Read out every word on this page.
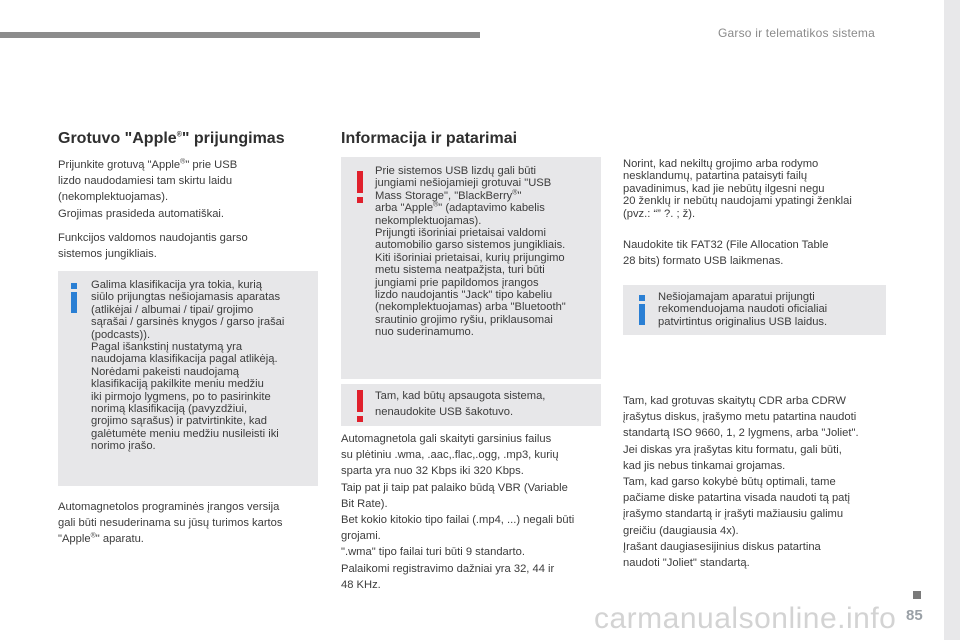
Garso ir telematikos sistema
85
carmanualsonline.info
Grotuvo "Apple®" prijungimas

Prijunkite grotuvą "Apple®" prie USB

lizdo naudodamiesi tam skirtu laidu

(nekomplektuojamas).

Grojimas prasideda automatiškai.

Funkcijos valdomos naudojantis garso

sistemos jungikliais.

Galima klasifikacija yra tokia, kurią

siūlo prijungtas nešiojamasis aparatas

(atlikėjai / albumai / tipai/ grojimo

sąrašai / garsinės knygos / garso įrašai

(podcasts)).

Pagal išankstinį nustatymą yra

naudojama klasifikacija pagal atlikėją.

Norėdami pakeisti naudojamą

klasifikaciją pakilkite meniu medžiu

iki pirmojo lygmens, po to pasirinkite

norimą klasifikaciją (pavyzdžiui,

grojimo sąrašus) ir patvirtinkite, kad

galėtumėte meniu medžiu nusileisti iki

norimo įrašo.

Automagnetolos programinės įrangos versija

gali būti nesuderinama su jūsų turimos kartos

"Apple®" aparatu.

Informacija ir patarimai

Prie sistemos USB lizdų gali būti

jungiami nešiojamieji grotuvai "USB

Mass Storage", "BlackBerry®"

arba "Apple®" (adaptavimo kabelis

nekomplektuojamas).

Prijungti išoriniai prietaisai valdomi

automobilio garso sistemos jungikliais.

Kiti išoriniai prietaisai, kurių prijungimo

metu sistema neatpažįsta, turi būti

jungiami prie papildomos įrangos

lizdo naudojantis "Jack" tipo kabeliu

(nekomplektuojamas) arba "Bluetooth"

srautinio grojimo ryšiu, priklausomai

nuo suderinamumo.

Tam, kad būtų apsaugota sistema,

nenaudokite USB šakotuvo.

Automagnetola gali skaityti garsinius failus

su plėtiniu .wma, .aac,.flac,.ogg, .mp3, kurių

sparta yra nuo 32 Kbps iki 320 Kbps.

Taip pat ji taip pat palaiko būdą VBR (Variable

Bit Rate).

Bet kokio kitokio tipo failai (.mp4, ...) negali būti

grojami.

".wma" tipo failai turi būti 9 standarto.

Palaikomi registravimo dažniai yra 32, 44 ir

48 KHz.

Norint, kad nekiltų grojimo arba rodymo

nesklandumų, patartina pataisyti failų

pavadinimus, kad jie nebūtų ilgesni negu

20 ženklų ir nebūtų naudojami ypatingi ženklai

(pvz.: “” ?. ; ž).

Naudokite tik FAT32 (File Allocation Table

28 bits) formato USB laikmenas.

Nešiojamajam aparatui prijungti

rekomenduojama naudoti oficialiai

patvirtintus originalius USB laidus.

Tam, kad grotuvas skaitytų CDR arba CDRW

įrašytus diskus, įrašymo metu patartina naudoti

standartą ISO 9660, 1, 2 lygmens, arba "Joliet".

Jei diskas yra įrašytas kitu formatu, gali būti,

kad jis nebus tinkamai grojamas.

Tam, kad garso kokybė būtų optimali, tame

pačiame diske patartina visada naudoti tą patį

įrašymo standartą ir įrašyti mažiausiu galimu

greičiu (daugiausia 4x).

Įrašant daugiasesijinius diskus patartina

naudoti "Joliet" standartą.
